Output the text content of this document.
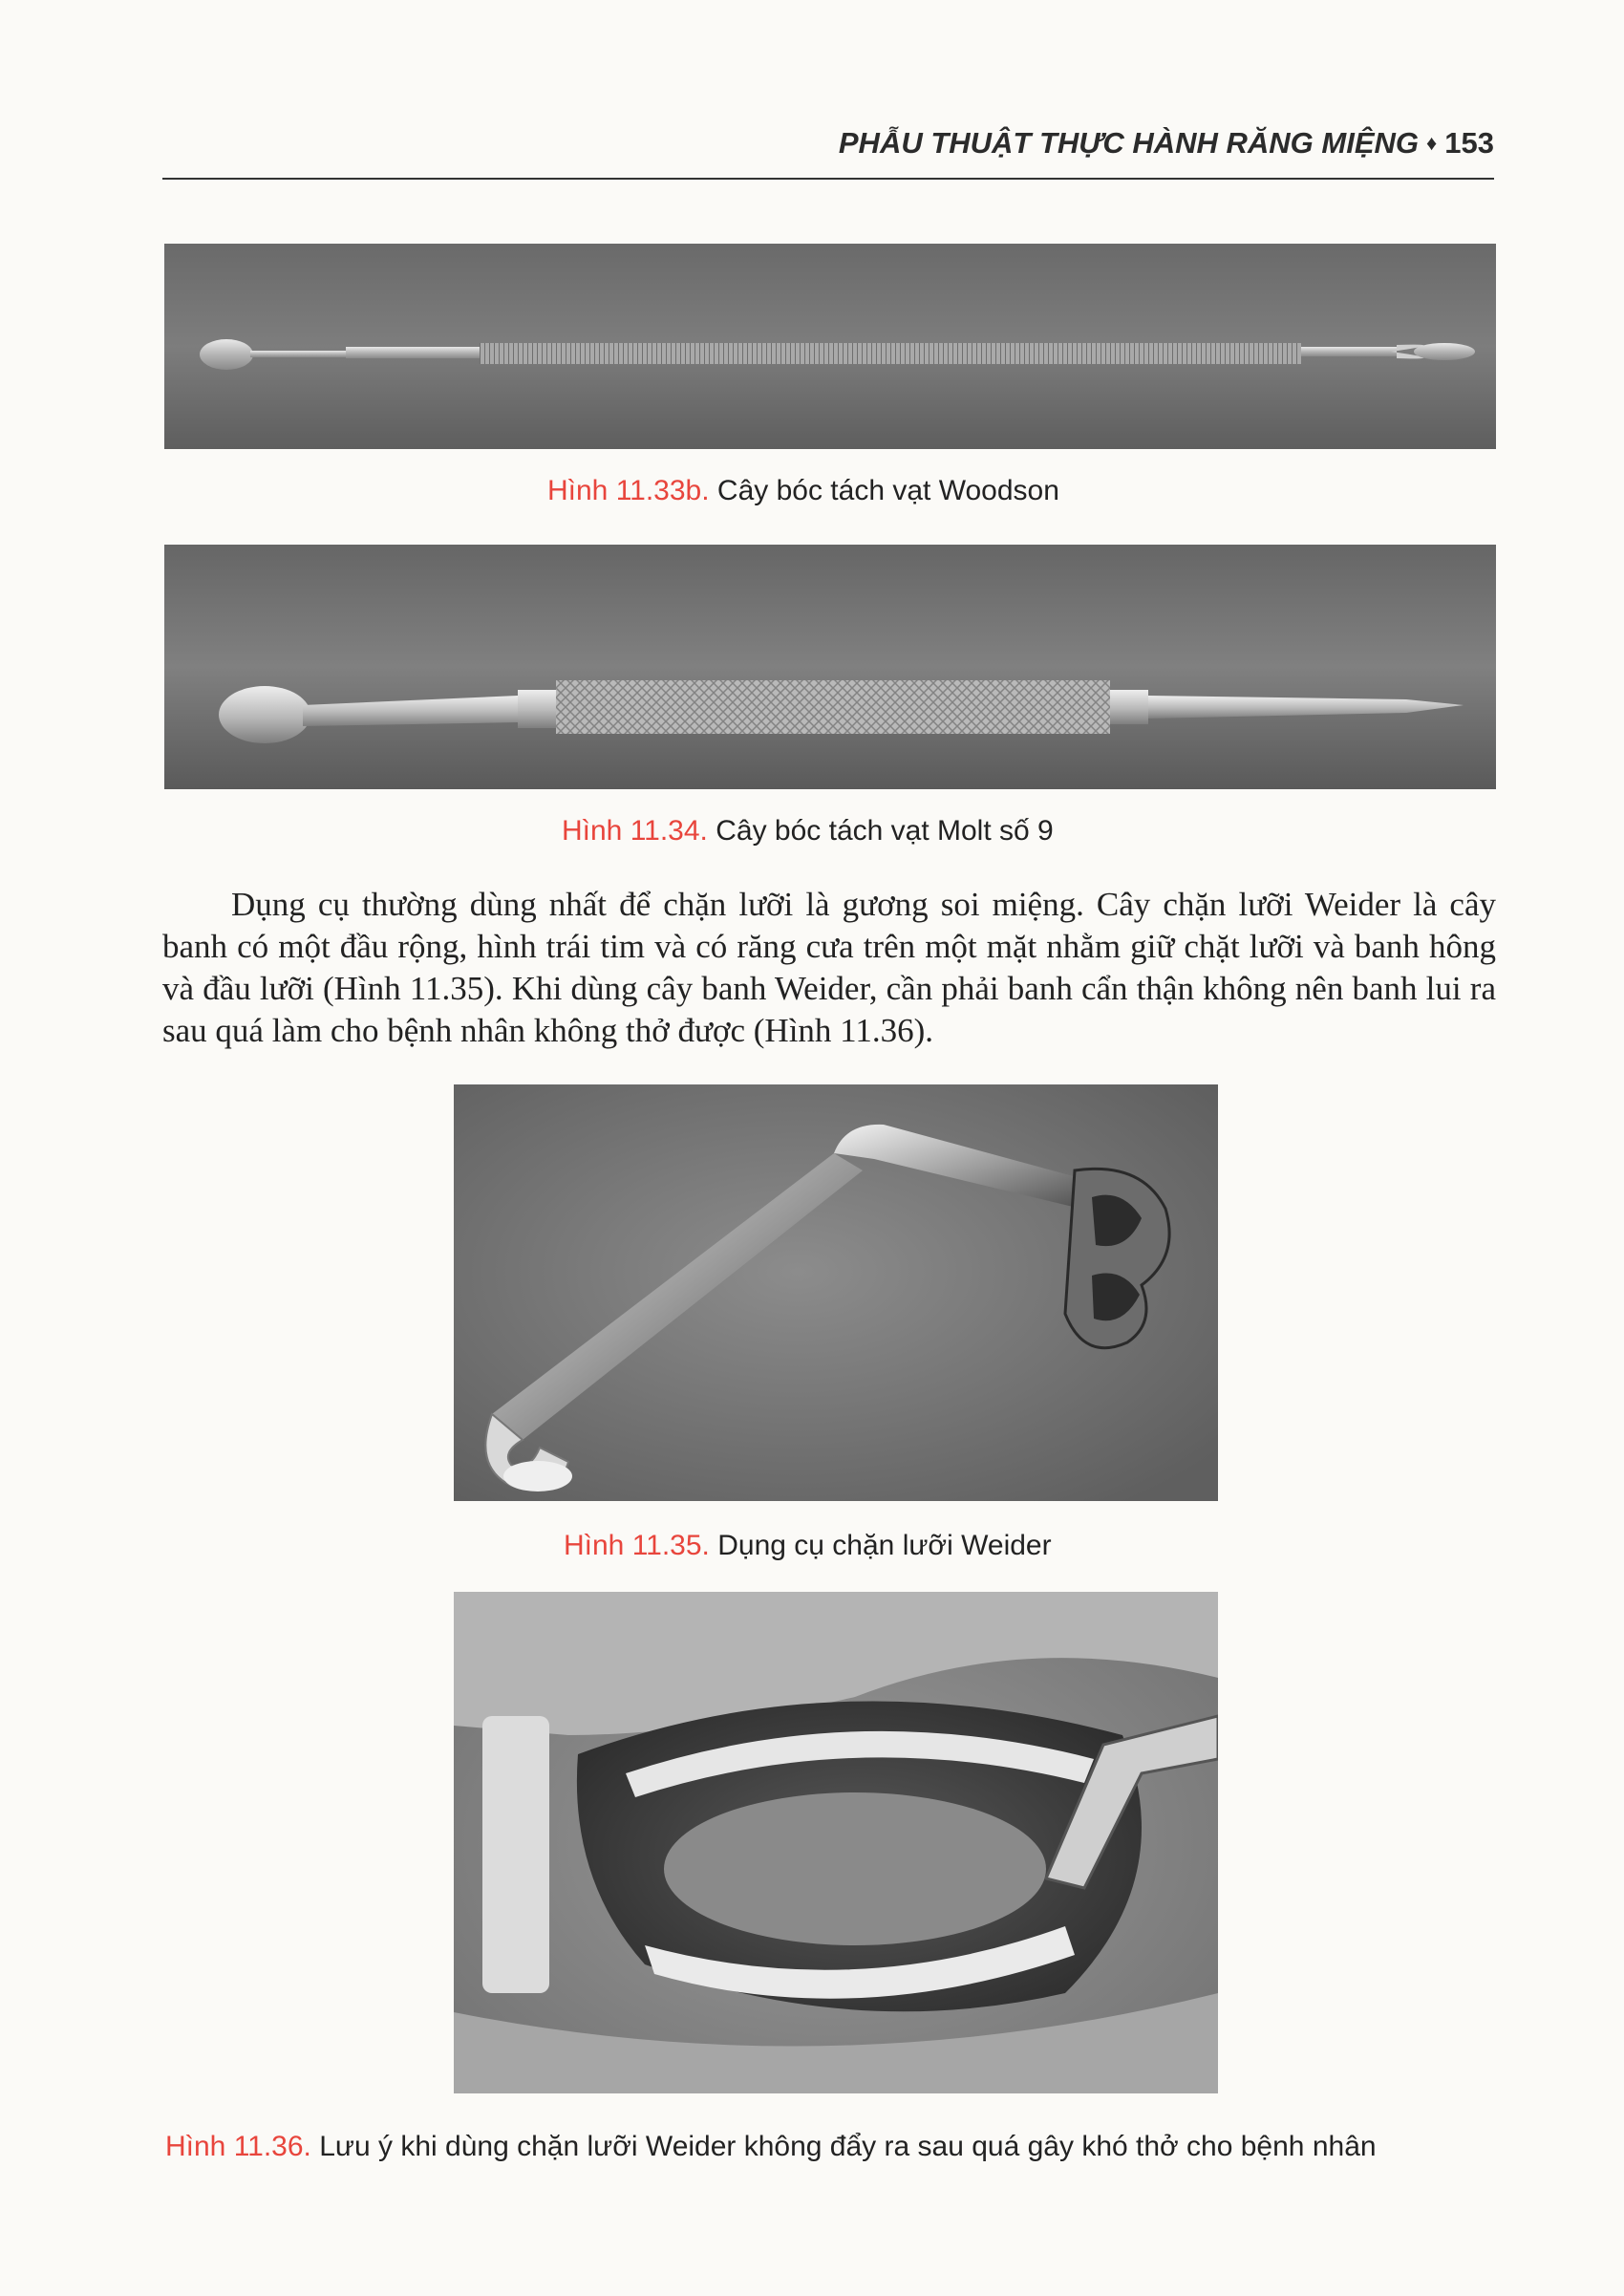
PHẪU THUẬT THỰC HÀNH RĂNG MIỆNG ♦ 153
Hình 11.33b. Cây bóc tách vạt Woodson
Hình 11.34. Cây bóc tách vạt Molt số 9

Dụng cụ thường dùng nhất để chặn lưỡi là gương soi miệng. Cây chặn lưỡi Weider là cây banh có một đầu rộng, hình trái tim và có răng cưa trên một mặt nhằm giữ chặt lưỡi và banh hông và đầu lưỡi (Hình 11.35). Khi dùng cây banh Weider, cần phải banh cẩn thận không nên banh lui ra sau quá làm cho bệnh nhân không thở được (Hình 11.36).

Hình 11.35. Dụng cụ chặn lưỡi Weider
Hình 11.36. Lưu ý khi dùng chặn lưỡi Weider không đẩy ra sau quá gây khó thở cho bệnh nhân
